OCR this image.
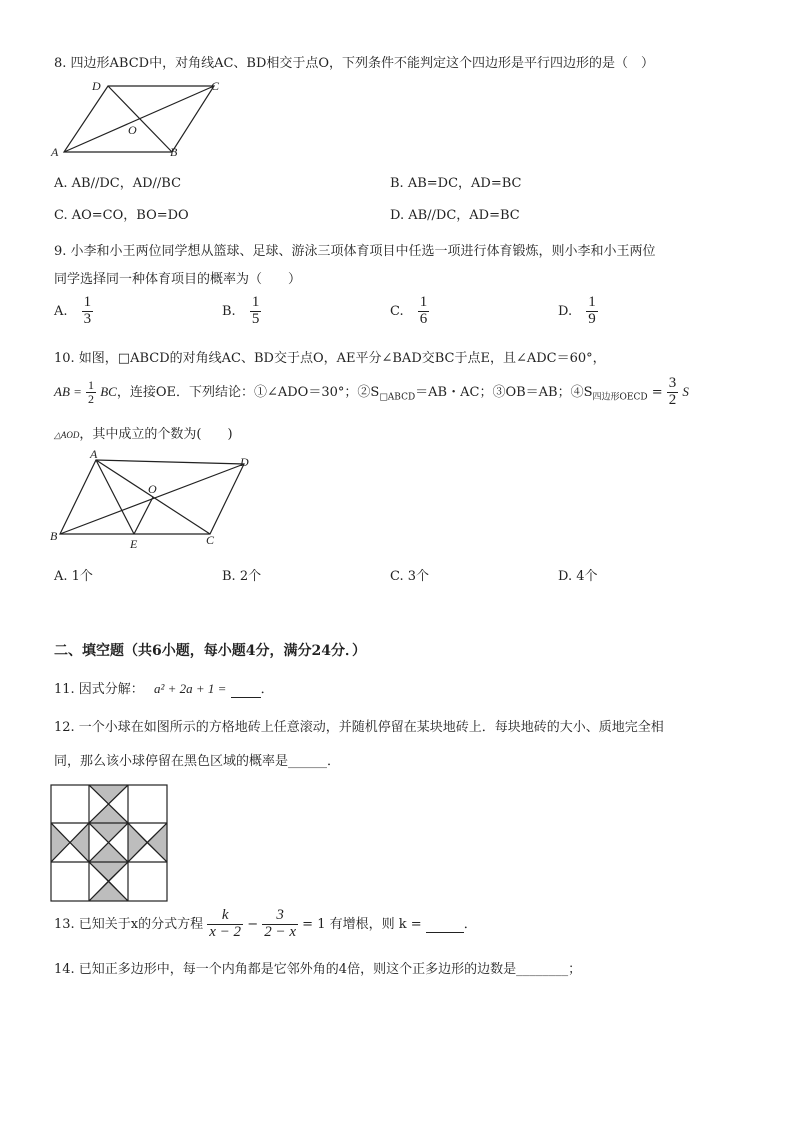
8. 四边形ABCD中，对角线AC、BD相交于点O，下列条件不能判定这个四边形是平行四边形的是（　）
A	B
C
D
O
A. AB//DC，AD//BC	B. AB=DC，AD=BC
C. AO=CO，BO=DO	D. AB//DC，AD=BC
9. 小李和小王两位同学想从篮球、足球、游泳三项体育项目中任选一项进行体育锻炼，则小李和小王两位
同学选择同一种体育项目的概率为（　　）
A. $\frac{1}{3}$	B. $\frac{1}{5}$	C. $\frac{1}{6}$	D. $\frac{1}{9}$
10. 如图，□ABCD的对角线AC、BD交于点O，AE平分∠BAD交BC于点E，且∠ADC＝60°，
AB = $\frac{1}{2}$ BC，连接OE．下列结论：①∠ADO＝30°；$②S_{□ABCD}=AB$・AC；③OB＝AB；$④S_{四边形OECD} = \frac{3}{2}$ S
△AOD，其中成立的个数为(　　)
A
B	C
D
E
O
A. 1个	B. 2个	C. 3个	D. 4个
二、填空题（共6小题，每小题4分，满分24分．）
11. 因式分解： a² + 2a + 1 =	．
12. 一个小球在如图所示的方格地砖上任意滚动，并随机停留在某块地砖上．每块地砖的大小、质地完全相
同，那么该小球停留在黑色区域的概率是______．
13. 已知关于x的分式方程 $\frac{k}{x - 2} - \frac{3}{2 - x} = 1$ 有增根，则 k =	．
14. 已知正多边形中，每一个内角都是它邻外角的4倍，则这个正多边形的边数是________；
